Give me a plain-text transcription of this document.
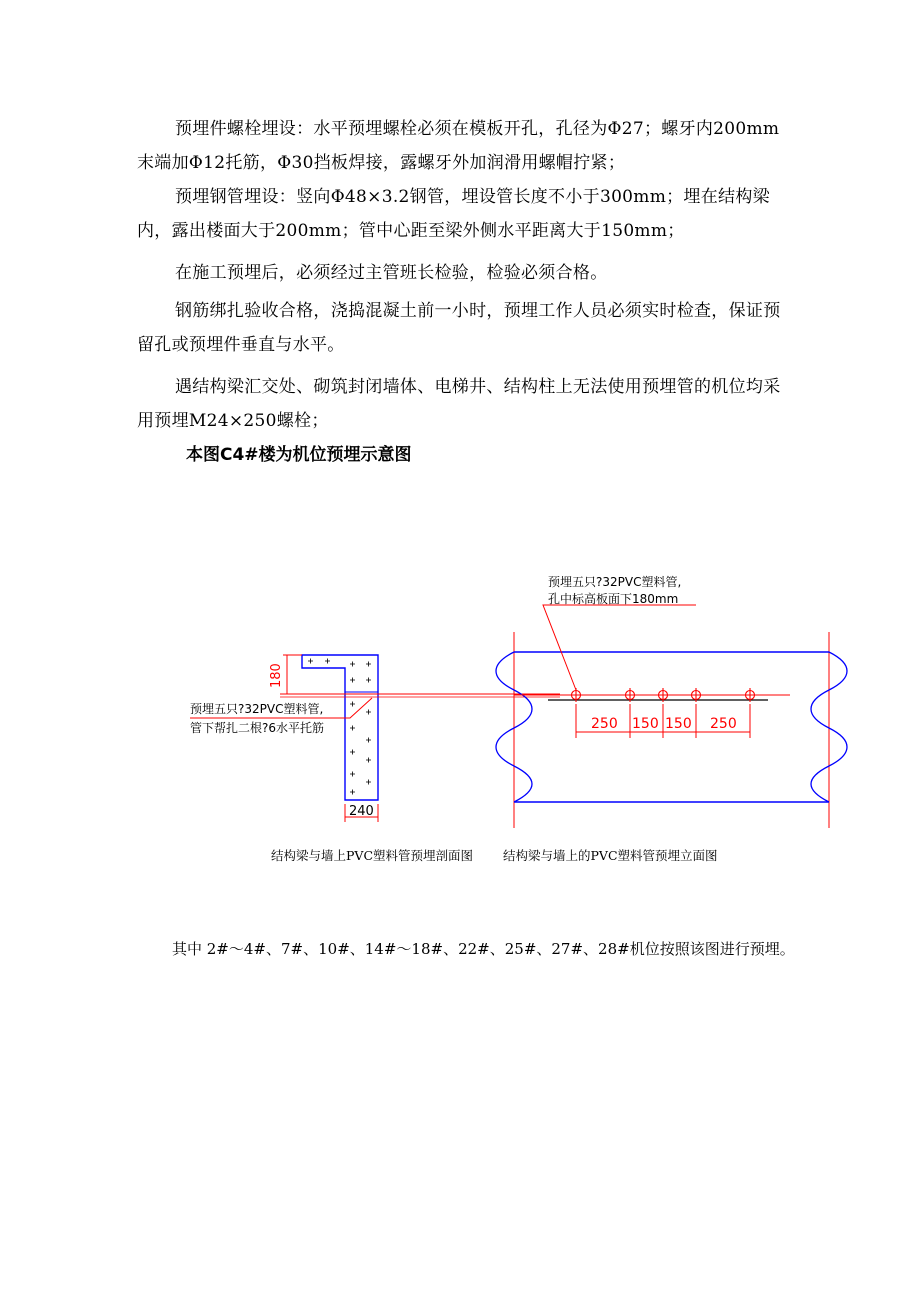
预埋件螺栓埋设：水平预埋螺栓必须在模板开孔，孔径为Φ27；螺牙内200mm末端加Φ12托筋，Φ30挡板焊接，露螺牙外加润滑用螺帽拧紧；

预埋钢管埋设：竖向Φ48×3.2钢管，埋设管长度不小于300mm；埋在结构梁内，露出楼面大于200mm；管中心距至梁外侧水平距离大于150mm；

在施工预埋后，必须经过主管班长检验，检验必须合格。

钢筋绑扎验收合格，浇捣混凝土前一小时，预埋工作人员必须实时检查，保证预留孔或预埋件垂直与水平。

遇结构梁汇交处、砌筑封闭墙体、电梯井、结构柱上无法使用预埋管的机位均采用预埋M24×250螺栓；

本图C4#楼为机位预埋示意图
180
240
预埋五只?32PVC塑料管,
管下帮扎二根?6水平托筋	250 150 150 250
预埋五只?32PVC塑料管,
孔中标高板面下180mm
结构梁与墙上PVC塑料管预埋剖面图 结构梁与墙上的PVC塑料管预埋立面图
其中 2#～4#、7#、10#、14#～18#、22#、25#、27#、28#机位按照该图进行预埋。
